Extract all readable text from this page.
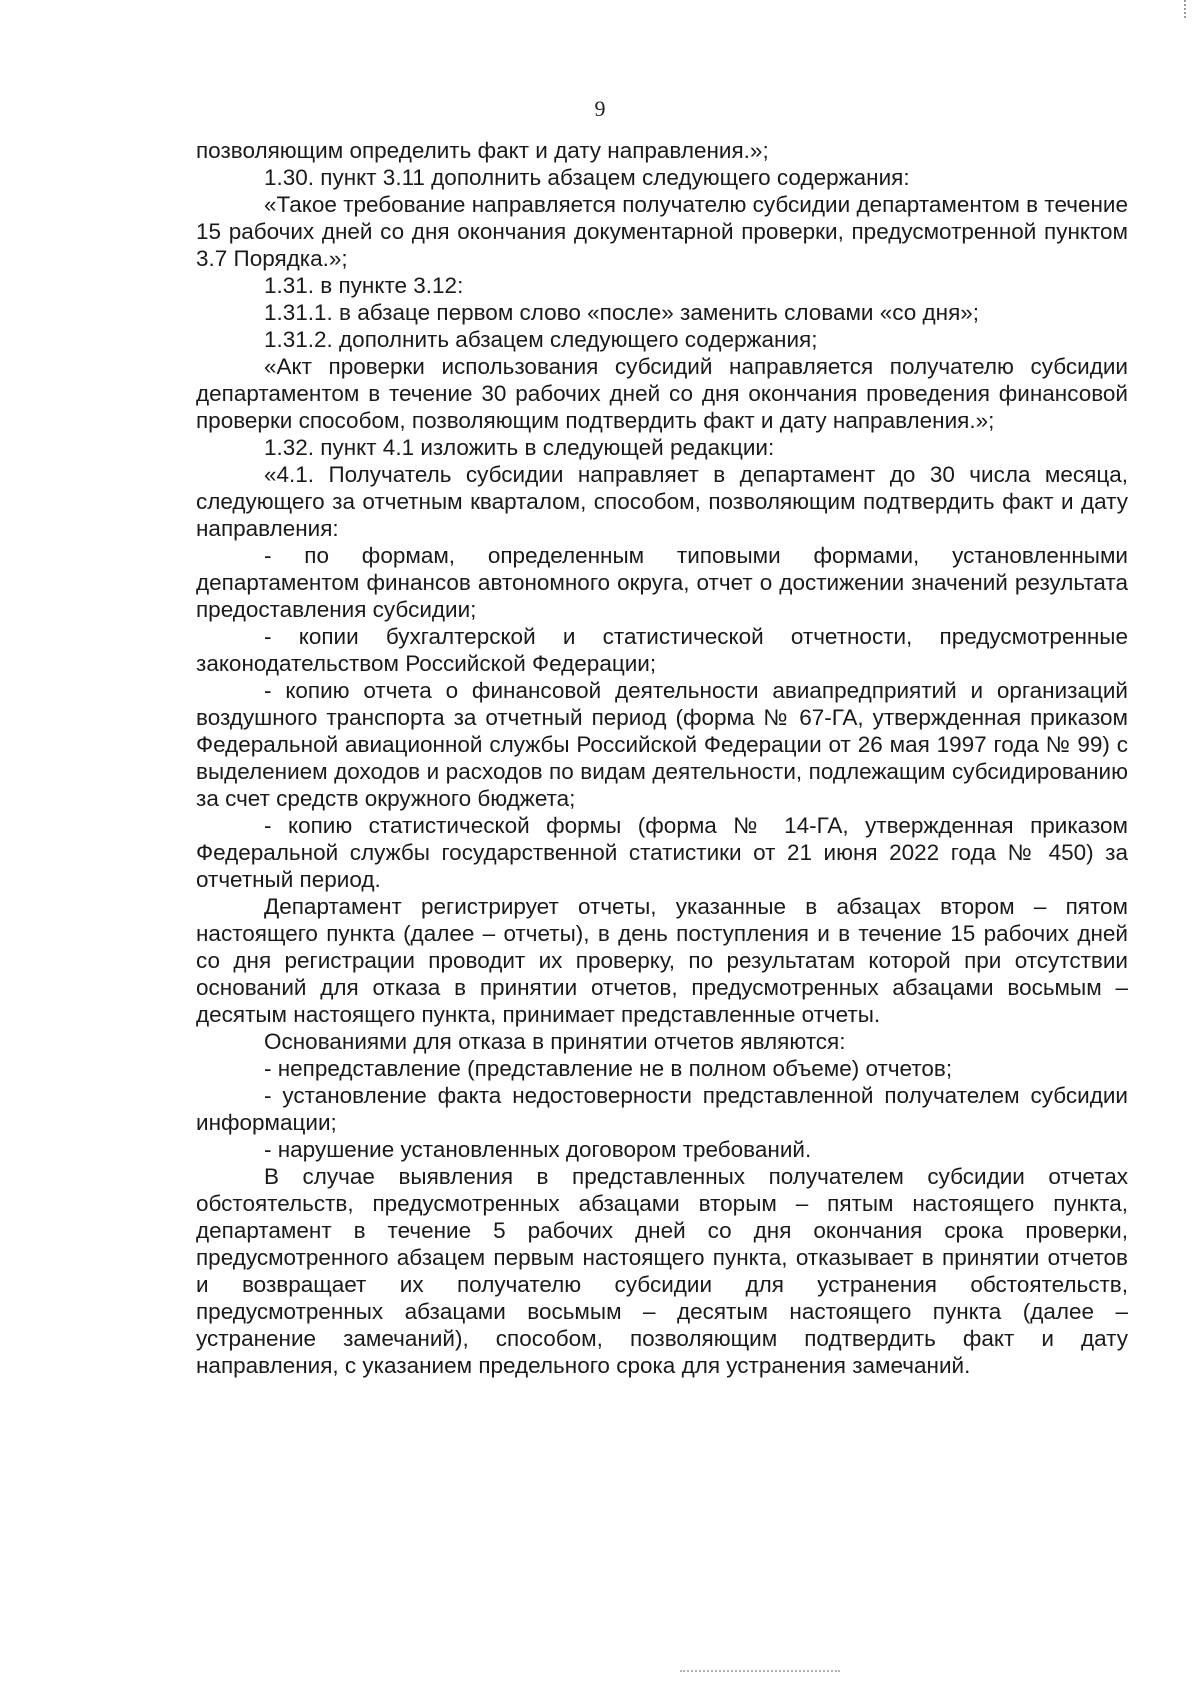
9

позволяющим определить факт и дату направления.»;

1.30. пункт 3.11 дополнить абзацем следующего содержания:

«Такое требование направляется получателю субсидии департаментом в течение 15 рабочих дней со дня окончания документарной проверки, предусмотренной пунктом 3.7 Порядка.»;

1.31. в пункте 3.12:

1.31.1. в абзаце первом слово «после» заменить словами «со дня»;

1.31.2. дополнить абзацем следующего содержания;

«Акт проверки использования субсидий направляется получателю субсидии департаментом в течение 30 рабочих дней со дня окончания проведения финансовой проверки способом, позволяющим подтвердить факт и дату направления.»;

1.32. пункт 4.1 изложить в следующей редакции:

«4.1. Получатель субсидии направляет в департамент до 30 числа месяца, следующего за отчетным кварталом, способом, позволяющим подтвердить факт и дату направления:

- по формам, определенным типовыми формами, установленными департаментом финансов автономного округа, отчет о достижении значений результата предоставления субсидии;

- копии бухгалтерской и статистической отчетности, предусмотренные законодательством Российской Федерации;

- копию отчета о финансовой деятельности авиапредприятий и организаций воздушного транспорта за отчетный период (форма № 67-ГА, утвержденная приказом Федеральной авиационной службы Российской Федерации от 26 мая 1997 года № 99) с выделением доходов и расходов по видам деятельности, подлежащим субсидированию за счет средств окружного бюджета;

- копию статистической формы (форма № 14-ГА, утвержденная приказом Федеральной службы государственной статистики от 21 июня 2022 года № 450) за отчетный период.

Департамент регистрирует отчеты, указанные в абзацах втором – пятом настоящего пункта (далее – отчеты), в день поступления и в течение 15 рабочих дней со дня регистрации проводит их проверку, по результатам которой при отсутствии оснований для отказа в принятии отчетов, предусмотренных абзацами восьмым – десятым настоящего пункта, принимает представленные отчеты.

Основаниями для отказа в принятии отчетов являются:

- непредставление (представление не в полном объеме) отчетов;

- установление факта недостоверности представленной получателем субсидии информации;

- нарушение установленных договором требований.

В случае выявления в представленных получателем субсидии отчетах обстоятельств, предусмотренных абзацами вторым – пятым настоящего пункта, департамент в течение 5 рабочих дней со дня окончания срока проверки, предусмотренного абзацем первым настоящего пункта, отказывает в принятии отчетов и возвращает их получателю субсидии для устранения обстоятельств, предусмотренных абзацами восьмым – десятым настоящего пункта (далее – устранение замечаний), способом, позволяющим подтвердить факт и дату направления, с указанием предельного срока для устранения замечаний.
